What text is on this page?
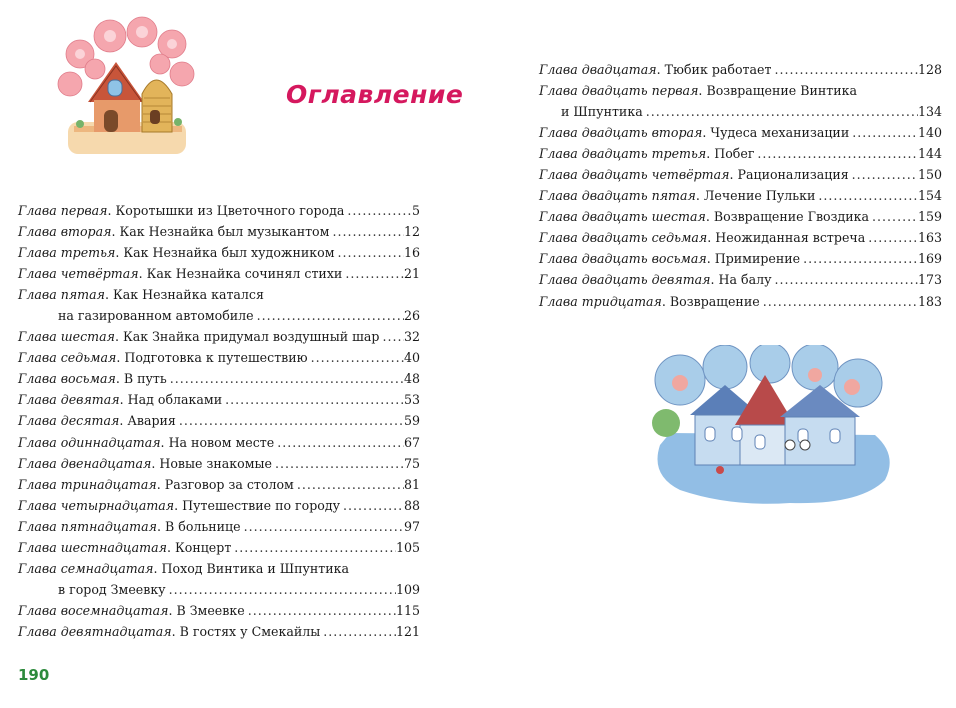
Оглавление
Глава первая. Коротышки из Цветочного города .....	5
Глава вторая. Как Незнайка был музыкантом .....	12
Глава третья. Как Незнайка был художником .....	16
Глава четвёртая. Как Незнайка сочинял стихи .....	21
Глава пятая. Как Незнайка катался
на газированном автомобиле .....	26
Глава шестая. Как Знайка придумал воздушный шар ..... 32
Глава седьмая. Подготовка к путешествию .....	40
Глава восьмая. В путь .....	48
Глава девятая. Над облаками .....	53
Глава десятая. Авария .....	59
Глава одиннадцатая. На новом месте .....	67
Глава двенадцатая. Новые знакомые .....	75
Глава тринадцатая. Разговор за столом .....	81
Глава четырнадцатая. Путешествие по городу .....	88
Глава пятнадцатая. В больнице .....	97
Глава шестнадцатая. Концерт .....	105
Глава семнадцатая. Поход Винтика и Шпунтика
в город Змеевку .....	109
Глава восемнадцатая. В Змеевке .....	115
Глава девятнадцатая. В гостях у Смекайлы .....	121
Глава двадцатая. Тюбик работает .....	128
Глава двадцать первая. Возвращение Винтика
и Шпунтика .....	134
Глава двадцать вторая. Чудеса механизации .....	140
Глава двадцать третья. Побег .....	144
Глава двадцать четвёртая. Рационализация .....	150
Глава двадцать пятая. Лечение Пульки .....	154
Глава двадцать шестая. Возвращение Гвоздика .....	159
Глава двадцать седьмая. Неожиданная встреча .....	163
Глава двадцать восьмая. Примирение .....	169
Глава двадцать девятая. На балу .....	173
Глава тридцатая. Возвращение .....	183
190
